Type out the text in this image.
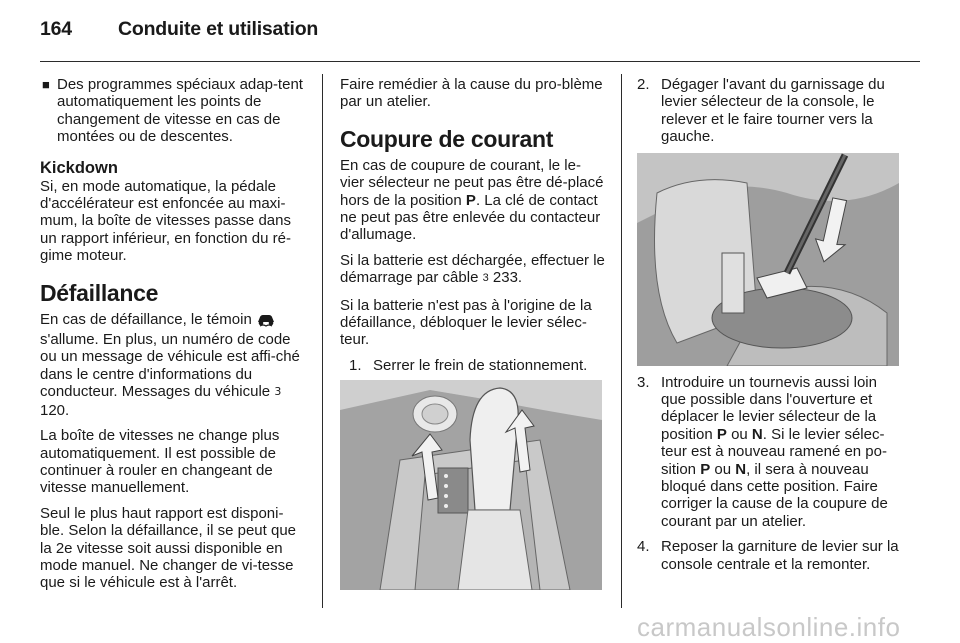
164 Conduite et utilisation
■ Des programmes spéciaux adap-tent automatiquement les points de changement de vitesse en cas de montées ou de descentes.
Kickdown

Si, en mode automatique, la pédale d'accélérateur est enfoncée au maxi-mum, la boîte de vitesses passe dans un rapport inférieur, en fonction du ré-gime moteur.

Défaillance

En cas de défaillance, le témoin  s'allume. En plus, un numéro de code ou un message de véhicule est affi-ché dans le centre d'informations du conducteur. Messages du véhicule 3 120.

La boîte de vitesses ne change plus automatiquement. Il est possible de continuer à rouler en changeant de vitesse manuellement.

Seul le plus haut rapport est disponi-ble. Selon la défaillance, il se peut que la 2e vitesse soit aussi disponible en mode manuel. Ne changer de vi-tesse que si le véhicule est à l'arrêt.

Faire remédier à la cause du pro-blème par un atelier.

Coupure de courant

En cas de coupure de courant, le le-vier sélecteur ne peut pas être dé-placé hors de la position P. La clé de contact ne peut pas être enlevée du contacteur d'allumage.

Si la batterie est déchargée, effectuer le démarrage par câble 3 233.

Si la batterie n'est pas à l'origine de la défaillance, débloquer le levier sélec-teur.

1. Serrer le frein de stationnement.
2. Dégager l'avant du garnissage du levier sélecteur de la console, le relever et le faire tourner vers la gauche.
3. Introduire un tournevis aussi loin que possible dans l'ouverture et déplacer le levier sélecteur de la position P ou N. Si le levier sélec-teur est à nouveau ramené en po-sition P ou N, il sera à nouveau bloqué dans cette position. Faire corriger la cause de la coupure de courant par un atelier.
4. Reposer la garniture de levier sur la console centrale et la remonter.
carmanualsonline.info
